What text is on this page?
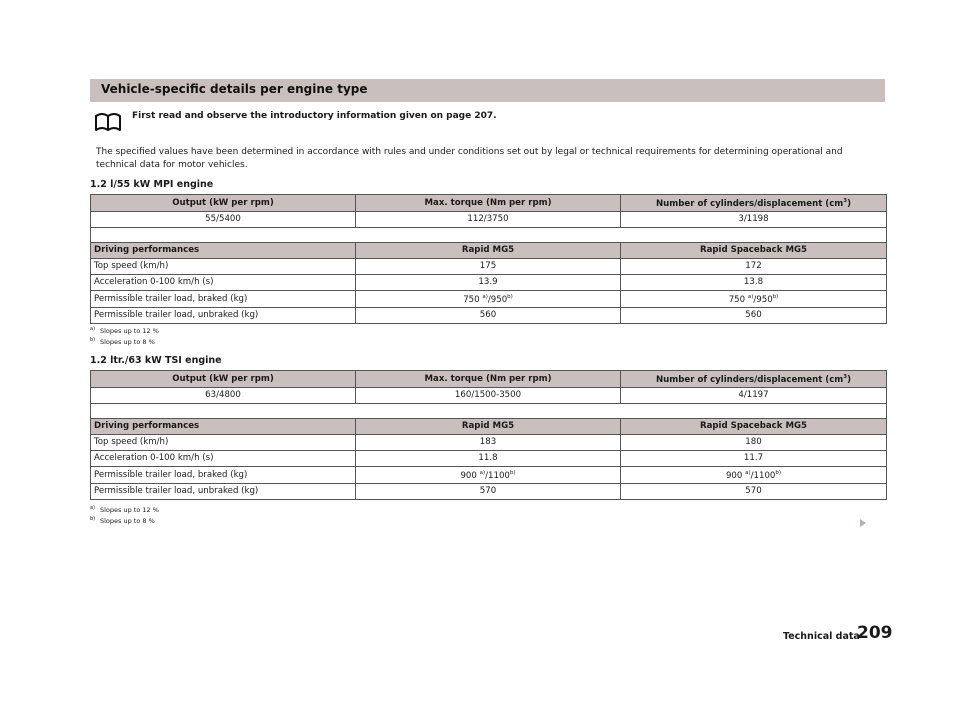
Vehicle-specific details per engine type
First read and observe the introductory information given on page 207.
The specified values have been determined in accordance with rules and under conditions set out by legal or technical requirements for determining operational and
technical data for motor vehicles.
1.2 l/55 kW MPI engine
Output (kW per rpm)	Max. torque (Nm per rpm)	Number of cylinders/displacement $(cm^3)$
55/5400	112/3750	3/1198

Driving performances	Rapid MG5	Rapid Spaceback MG5
Top speed (km/h)	175	172
Acceleration 0-100 km/h (s)	13.9	13.8
Permissible trailer load, braked (kg)	750 $^{a)}$/950$^{b)}$	750 $^{a)}$/950$^{b)}$
Permissible trailer load, unbraked (kg)	560	560
$^{a)}$ Slopes up to 12 %
$^{b)}$ Slopes up to 8 %
1.2 ltr./63 kW TSI engine
Output (kW per rpm)	Max. torque (Nm per rpm)	Number of cylinders/displacement $(cm^3)$
63/4800	160/1500-3500	4/1197

Driving performances	Rapid MG5	Rapid Spaceback MG5
Top speed (km/h)	183	180
Acceleration 0-100 km/h (s)	11.8	11.7
Permissible trailer load, braked (kg)	900 $^{a)}$/1100$^{b)}$	900 $^{a)}$/1100$^{b)}$
Permissible trailer load, unbraked (kg)	570	570
$^{a)}$ Slopes up to 12 %
$^{b)}$ Slopes up to 8 %
Technical data
209
